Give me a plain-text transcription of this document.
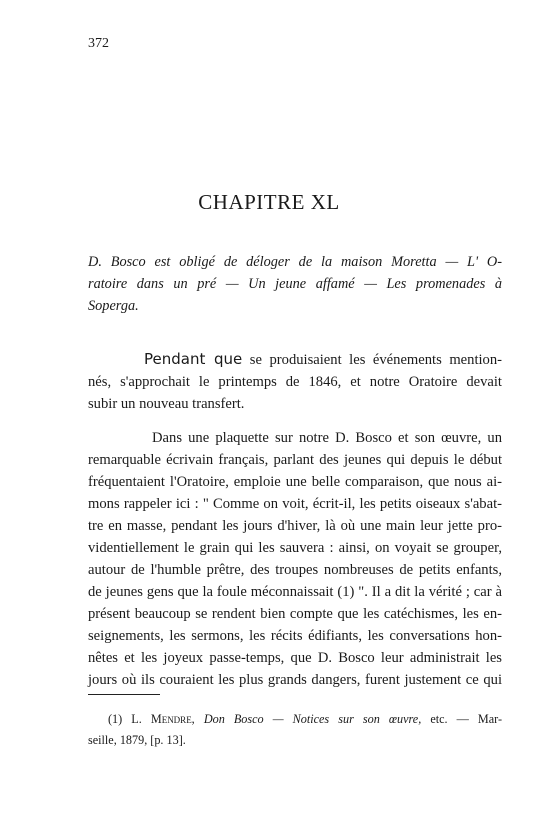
372
CHAPITRE XL
D. Bosco est obligé de déloger de la maison Moretta — L' O-
ratoire dans un pré — Un jeune affamé — Les promenades à
Soperga.
Pendant que se produisaient les événements mention-
nés, s'approchait le printemps de 1846, et notre Oratoire devait
subir un nouveau transfert.
Dans une plaquette sur notre D. Bosco et son œuvre, un
remarquable écrivain français, parlant des jeunes qui depuis le début
fréquentaient l'Oratoire, emploie une belle comparaison, que nous ai-
mons rappeler ici : " Comme on voit, écrit-il, les petits oiseaux s'abat-
tre en masse, pendant les jours d'hiver, là où une main leur jette pro-
videntiellement le grain qui les sauvera : ainsi, on voyait se grouper,
autour de l'humble prêtre, des troupes nombreuses de petits enfants,
de jeunes gens que la foule méconnaissait (1) ". Il a dit la vérité ; car à
présent beaucoup se rendent bien compte que les catéchismes, les en-
seignements, les sermons, les récits édifiants, les conversations hon-
nêtes et les joyeux passe-temps, que D. Bosco leur administrait les
jours où ils couraient les plus grands dangers, furent justement ce qui
(1) L. Mendre, Don Bosco — Notices sur son œuvre, etc. — Mar-
seille, 1879, [p. 13].
